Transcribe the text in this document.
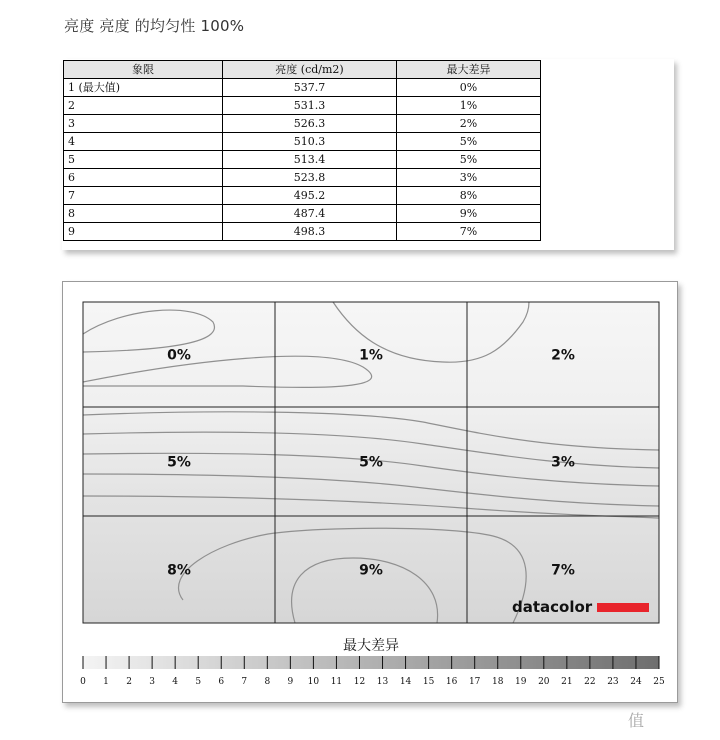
亮度 亮度 的均匀性 100%
象限	亮度 (cd/m2)	最大差异
1 (最大值)	537.7	0%
2	531.3	1%
3	526.3	2%
4	510.3	5%
5	513.4	5%
6	523.8	3%
7	495.2	8%
8	487.4	9%
9	498.3	7%
0%	1%	2%
5%	5%	3%
8%	9%	7%
datacolor
最大差异
0 1 2 3 4 5 6 7 8 9 10 11 12 13 14 15 16 17 18 19 20 21 22 23 24 25
值
